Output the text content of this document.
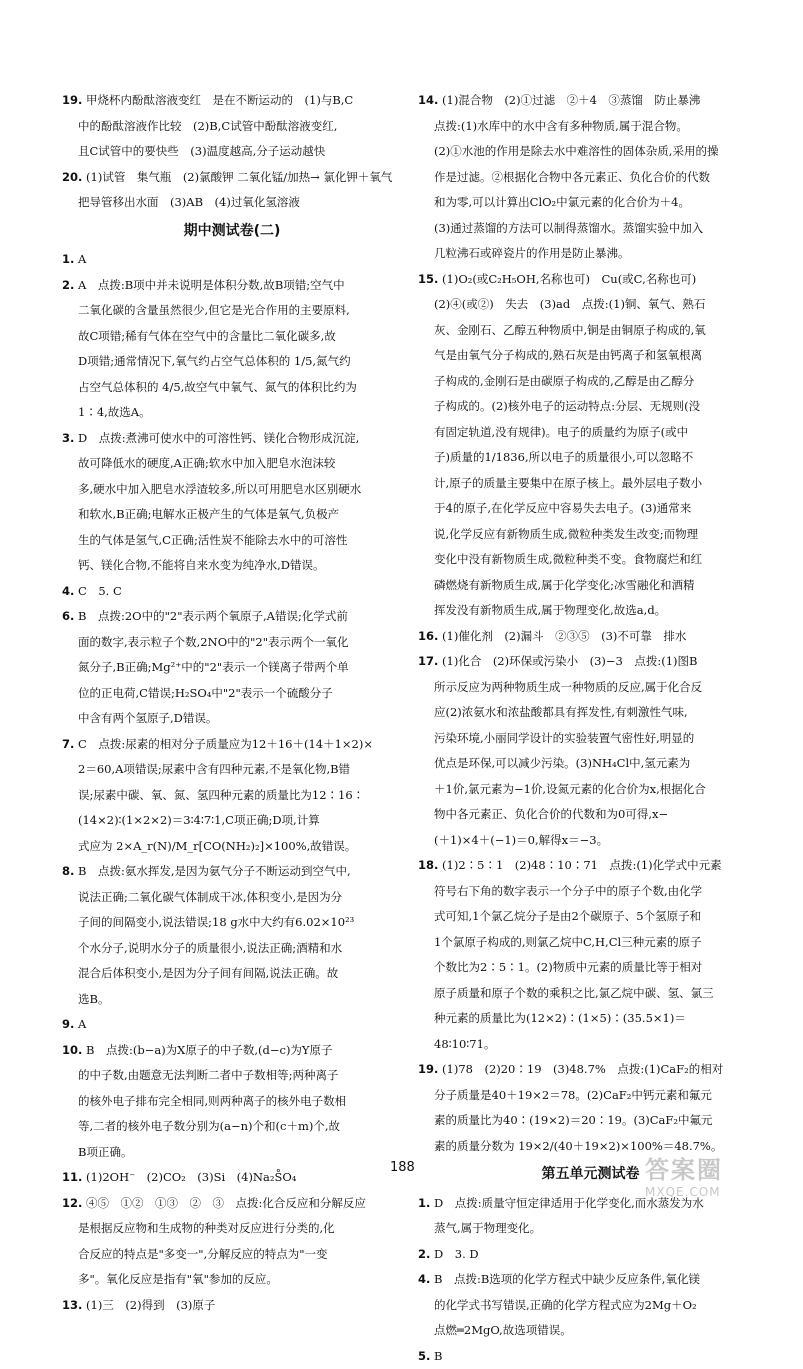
19. 甲烧杯内酚酞溶液变红　是在不断运动的　(1)与B,C
中的酚酞溶液作比较　(2)B,C试管中酚酞溶液变红,
且C试管中的要快些　(3)温度越高,分子运动越快
20. (1)试管　集气瓶　(2)氯酸钾 二氧化锰/加热→ 氯化钾＋氧气
把导管移出水面　(3)AB　(4)过氧化氢溶液
期中测试卷(二)
1. A
2. A　点拨:B项中并未说明是体积分数,故B项错;空气中
二氧化碳的含量虽然很少,但它是光合作用的主要原料,
故C项错;稀有气体在空气中的含量比二氧化碳多,故
D项错;通常情况下,氧气约占空气总体积的 1/5,氮气约
占空气总体积的 4/5,故空气中氧气、氮气的体积比约为
1∶4,故选A。
3. D　点拨:煮沸可使水中的可溶性钙、镁化合物形成沉淀,
故可降低水的硬度,A正确;软水中加入肥皂水泡沫较
多,硬水中加入肥皂水浮渣较多,所以可用肥皂水区别硬水
和软水,B正确;电解水正极产生的气体是氧气,负极产
生的气体是氢气,C正确;活性炭不能除去水中的可溶性
钙、镁化合物,不能将自来水变为纯净水,D错误。
4. C　5. C
6. B　点拨:2O中的"2"表示两个氧原子,A错误;化学式前
面的数字,表示粒子个数,2NO中的"2"表示两个一氧化
氮分子,B正确;Mg²⁺中的"2"表示一个镁离子带两个单
位的正电荷,C错误;H₂SO₄中"2"表示一个硫酸分子
中含有两个氢原子,D错误。
7. C　点拨:尿素的相对分子质量应为12＋16＋(14＋1×2)×
2＝60,A项错误;尿素中含有四种元素,不是氧化物,B错
误;尿素中碳、氧、氮、氢四种元素的质量比为12∶16∶
(14×2)∶(1×2×2)＝3∶4∶7∶1,C项正确;D项,计算
式应为 2×A_r(N)/M_r[CO(NH₂)₂]×100%,故错误。
8. B　点拨:氨水挥发,是因为氨气分子不断运动到空气中,
说法正确;二氧化碳气体制成干冰,体积变小,是因为分
子间的间隔变小,说法错误;18 g水中大约有6.02×10²³
个水分子,说明水分子的质量很小,说法正确;酒精和水
混合后体积变小,是因为分子间有间隔,说法正确。故
选B。
9. A
10. B　点拨:(b−a)为X原子的中子数,(d−c)为Y原子
的中子数,由题意无法判断二者中子数相等;两种离子
的核外电子排布完全相同,则两种离子的核外电子数相
等,二者的核外电子数分别为(a−n)个和(c＋m)个,故
B项正确。
11. (1)2OH⁻　(2)CO₂　(3)Si　(4)Na₂S̊O₄
12. ④⑤　①②　①③　②　③　点拨:化合反应和分解反应
是根据反应物和生成物的种类对反应进行分类的,化
合反应的特点是"多变一",分解反应的特点为"一变
多"。氧化反应是指有"氧"参加的反应。
13. (1)三　(2)得到　(3)原子
14. (1)混合物　(2)①过滤　②＋4　③蒸馏　防止暴沸
点拨:(1)水库中的水中含有多种物质,属于混合物。
(2)①水池的作用是除去水中难溶性的固体杂质,采用的操
作是过滤。②根据化合物中各元素正、负化合价的代数
和为零,可以计算出ClO₂中氯元素的化合价为＋4。
(3)通过蒸馏的方法可以制得蒸馏水。蒸馏实验中加入
几粒沸石或碎瓷片的作用是防止暴沸。
15. (1)O₂(或C₂H₅OH,名称也可)　Cu(或C,名称也可)
(2)④(或②)　失去　(3)ad　点拨:(1)铜、氧气、熟石
灰、金刚石、乙醇五种物质中,铜是由铜原子构成的,氧
气是由氧气分子构成的,熟石灰是由钙离子和氢氧根离
子构成的,金刚石是由碳原子构成的,乙醇是由乙醇分
子构成的。(2)核外电子的运动特点:分层、无规则(没
有固定轨道,没有规律)。电子的质量约为原子(或中
子)质量的1/1836,所以电子的质量很小,可以忽略不
计,原子的质量主要集中在原子核上。最外层电子数小
于4的原子,在化学反应中容易失去电子。(3)通常来
说,化学反应有新物质生成,微粒种类发生改变;而物理
变化中没有新物质生成,微粒种类不变。食物腐烂和红
磷燃烧有新物质生成,属于化学变化;冰雪融化和酒精
挥发没有新物质生成,属于物理变化,故选a,d。
16. (1)催化剂　(2)漏斗　②③⑤　(3)不可靠　排水
17. (1)化合　(2)环保或污染小　(3)−3　点拨:(1)图B
所示反应为两种物质生成一种物质的反应,属于化合反
应(2)浓氨水和浓盐酸都具有挥发性,有刺激性气味,
污染环境,小丽同学设计的实验装置气密性好,明显的
优点是环保,可以减少污染。(3)NH₄Cl中,氢元素为
＋1价,氯元素为−1价,设氮元素的化合价为x,根据化合
物中各元素正、负化合价的代数和为0可得,x−
(＋1)×4＋(−1)＝0,解得x＝−3。
18. (1)2∶5∶1　(2)48∶10∶71　点拨:(1)化学式中元素
符号右下角的数字表示一个分子中的原子个数,由化学
式可知,1个氯乙烷分子是由2个碳原子、5个氢原子和
1个氯原子构成的,则氯乙烷中C,H,Cl三种元素的原子
个数比为2∶5∶1。(2)物质中元素的质量比等于相对
原子质量和原子个数的乘积之比,氯乙烷中碳、氢、氯三
种元素的质量比为(12×2)∶(1×5)∶(35.5×1)＝
48∶10∶71。
19. (1)78　(2)20∶19　(3)48.7%　点拨:(1)CaF₂的相对
分子质量是40＋19×2＝78。(2)CaF₂中钙元素和氟元
素的质量比为40∶(19×2)＝20∶19。(3)CaF₂中氟元
素的质量分数为 19×2/(40＋19×2)×100%＝48.7%。
第五单元测试卷
1. D　点拨:质量守恒定律适用于化学变化,而水蒸发为水
蒸气,属于物理变化。
2. D　3. D
4. B　点拨:B选项的化学方程式中缺少反应条件,氧化镁
的化学式书写错误,正确的化学方程式应为2Mg＋O₂
点燃═2MgO,故选项错误。
5. B
188	答案圈
MXQE.COM
